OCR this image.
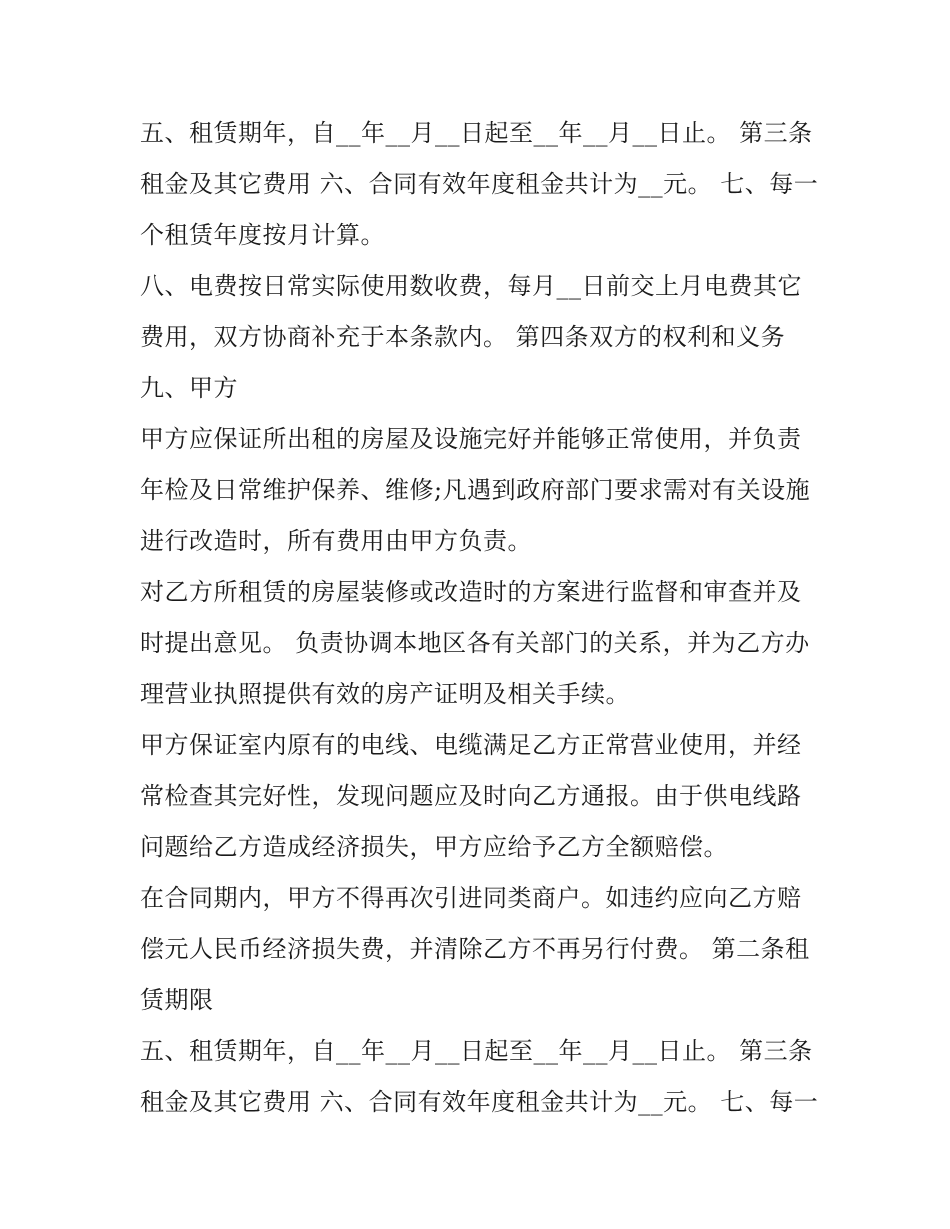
五、租赁期年，自__年__月__日起至__年__月__日止。 第三条租金及其它费用 六、合同有效年度租金共计为__元。 七、每一个租赁年度按月计算。

八、电费按日常实际使用数收费，每月__日前交上月电费其它费用，双方协商补充于本条款内。 第四条双方的权利和义务 九、甲方

甲方应保证所出租的房屋及设施完好并能够正常使用，并负责年检及日常维护保养、维修;凡遇到政府部门要求需对有关设施进行改造时，所有费用由甲方负责。

对乙方所租赁的房屋装修或改造时的方案进行监督和审查并及时提出意见。 负责协调本地区各有关部门的关系，并为乙方办理营业执照提供有效的房产证明及相关手续。

甲方保证室内原有的电线、电缆满足乙方正常营业使用，并经常检查其完好性，发现问题应及时向乙方通报。由于供电线路问题给乙方造成经济损失，甲方应给予乙方全额赔偿。

在合同期内，甲方不得再次引进同类商户。如违约应向乙方赔偿元人民币经济损失费，并清除乙方不再另行付费。 第二条租赁期限

五、租赁期年，自__年__月__日起至__年__月__日止。 第三条租金及其它费用 六、合同有效年度租金共计为__元。 七、每一
